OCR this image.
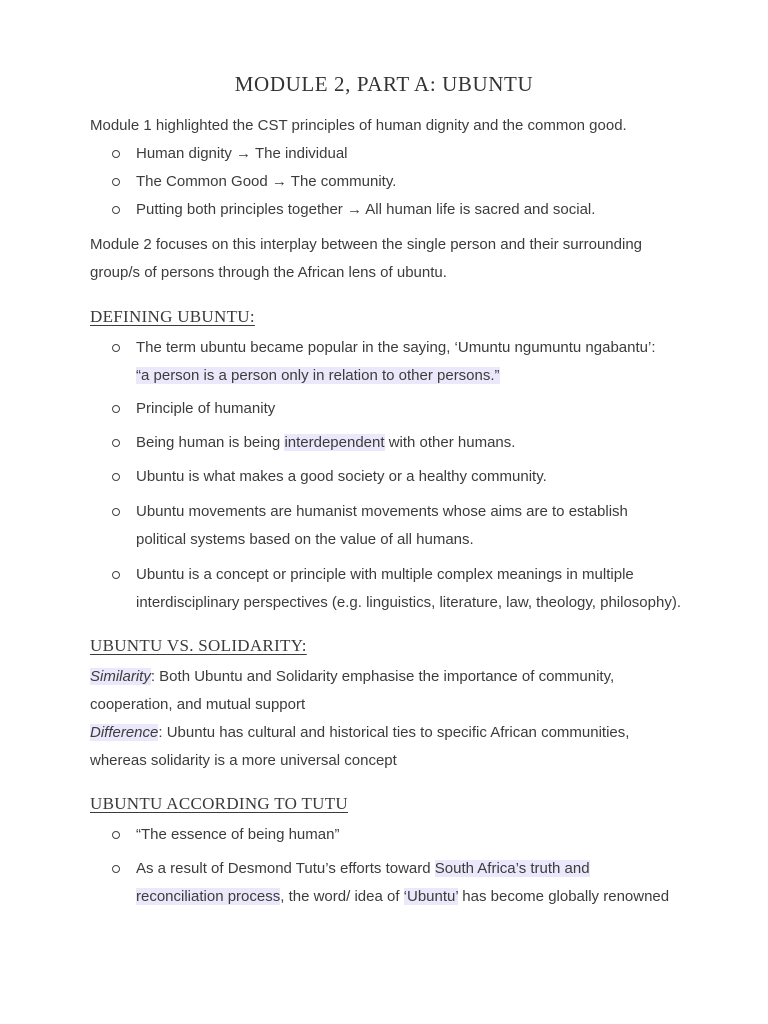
MODULE 2, PART A: UBUNTU

Module 1 highlighted the CST principles of human dignity and the common good.

Human dignity → The individual
The Common Good → The community.
Putting both principles together → All human life is sacred and social.

Module 2 focuses on this interplay between the single person and their surrounding
group/s of persons through the African lens of ubuntu.

DEFINING UBUNTU:
The term ubuntu became popular in the saying, ‘Umuntu ngumuntu ngabantu’:
“a person is a person only in relation to other persons.”
Principle of humanity
Being human is being interdependent with other humans.
Ubuntu is what makes a good society or a healthy community.
Ubuntu movements are humanist movements whose aims are to establish
political systems based on the value of all humans.
Ubuntu is a concept or principle with multiple complex meanings in multiple
interdisciplinary perspectives (e.g. linguistics, literature, law, theology, philosophy).
UBUNTU VS. SOLIDARITY:

Similarity: Both Ubuntu and Solidarity emphasise the importance of community,
cooperation, and mutual support

Difference: Ubuntu has cultural and historical ties to specific African communities,
whereas solidarity is a more universal concept

UBUNTU ACCORDING TO TUTU
“The essence of being human”
As a result of Desmond Tutu’s efforts toward South Africa’s truth and
reconciliation process, the word/ idea of ‘Ubuntu’ has become globally renowned
